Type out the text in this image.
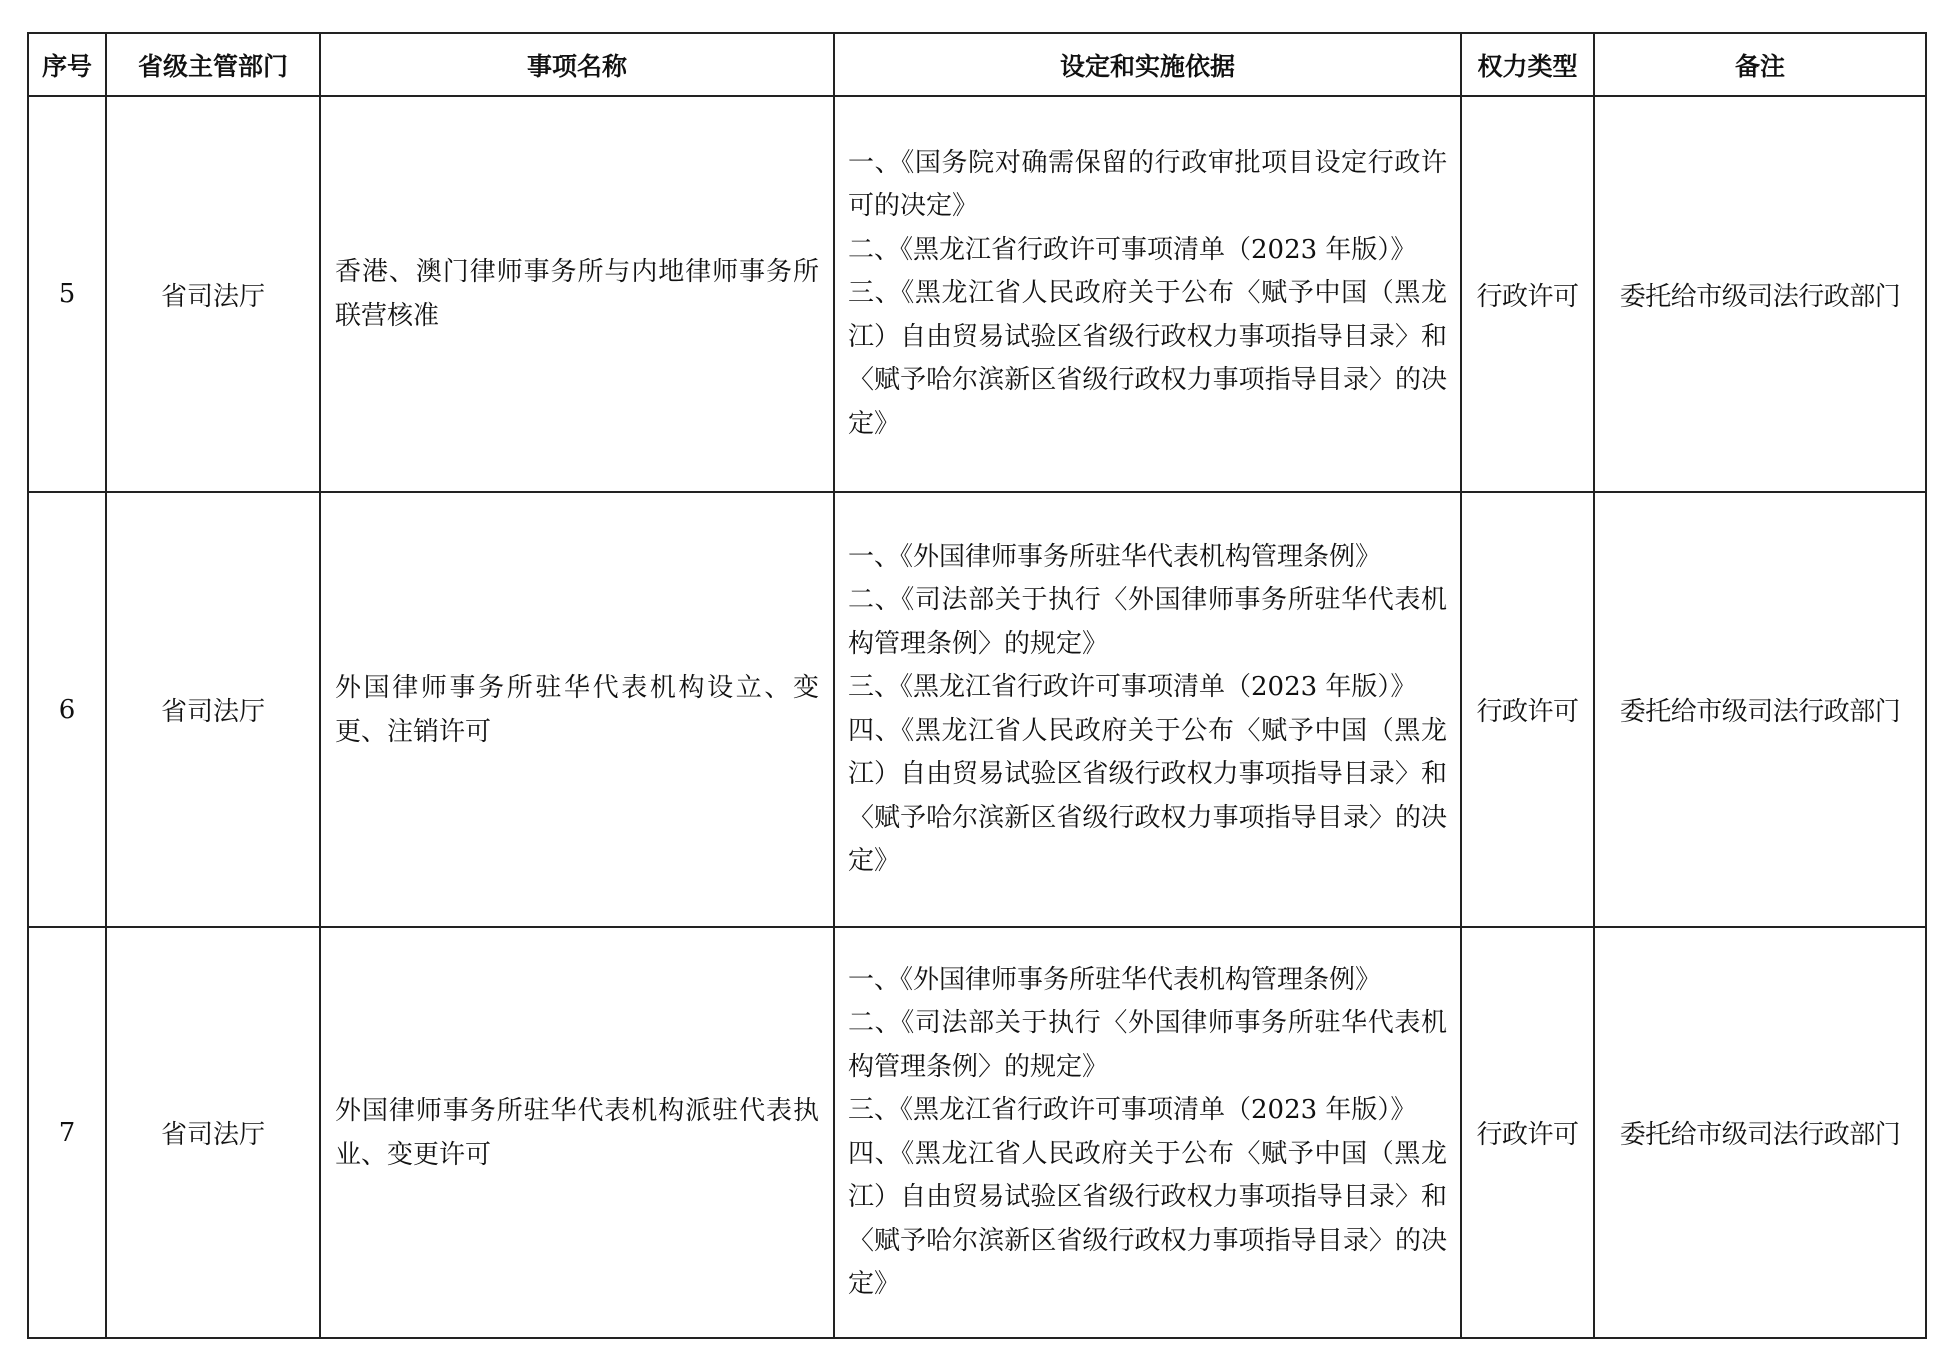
序号	省级主管部门	事项名称	设定和实施依据	权力类型	备注
5	省司法厅	香港、澳门律师事务所与内地律师事务所联营核准	一、《国务院对确需保留的行政审批项目设定行政许可的决定》
二、《黑龙江省行政许可事项清单（2023 年版）》
三、《黑龙江省人民政府关于公布〈赋予中国（黑龙江）自由贸易试验区省级行政权力事项指导目录〉和〈赋予哈尔滨新区省级行政权力事项指导目录〉的决定》	行政许可	委托给市级司法行政部门
6	省司法厅	外国律师事务所驻华代表机构设立、变更、注销许可	一、《外国律师事务所驻华代表机构管理条例》
二、《司法部关于执行〈外国律师事务所驻华代表机构管理条例〉的规定》
三、《黑龙江省行政许可事项清单（2023 年版）》
四、《黑龙江省人民政府关于公布〈赋予中国（黑龙江）自由贸易试验区省级行政权力事项指导目录〉和〈赋予哈尔滨新区省级行政权力事项指导目录〉的决定》	行政许可	委托给市级司法行政部门
7	省司法厅	外国律师事务所驻华代表机构派驻代表执业、变更许可	一、《外国律师事务所驻华代表机构管理条例》
二、《司法部关于执行〈外国律师事务所驻华代表机构管理条例〉的规定》
三、《黑龙江省行政许可事项清单（2023 年版）》
四、《黑龙江省人民政府关于公布〈赋予中国（黑龙江）自由贸易试验区省级行政权力事项指导目录〉和〈赋予哈尔滨新区省级行政权力事项指导目录〉的决定》	行政许可	委托给市级司法行政部门
